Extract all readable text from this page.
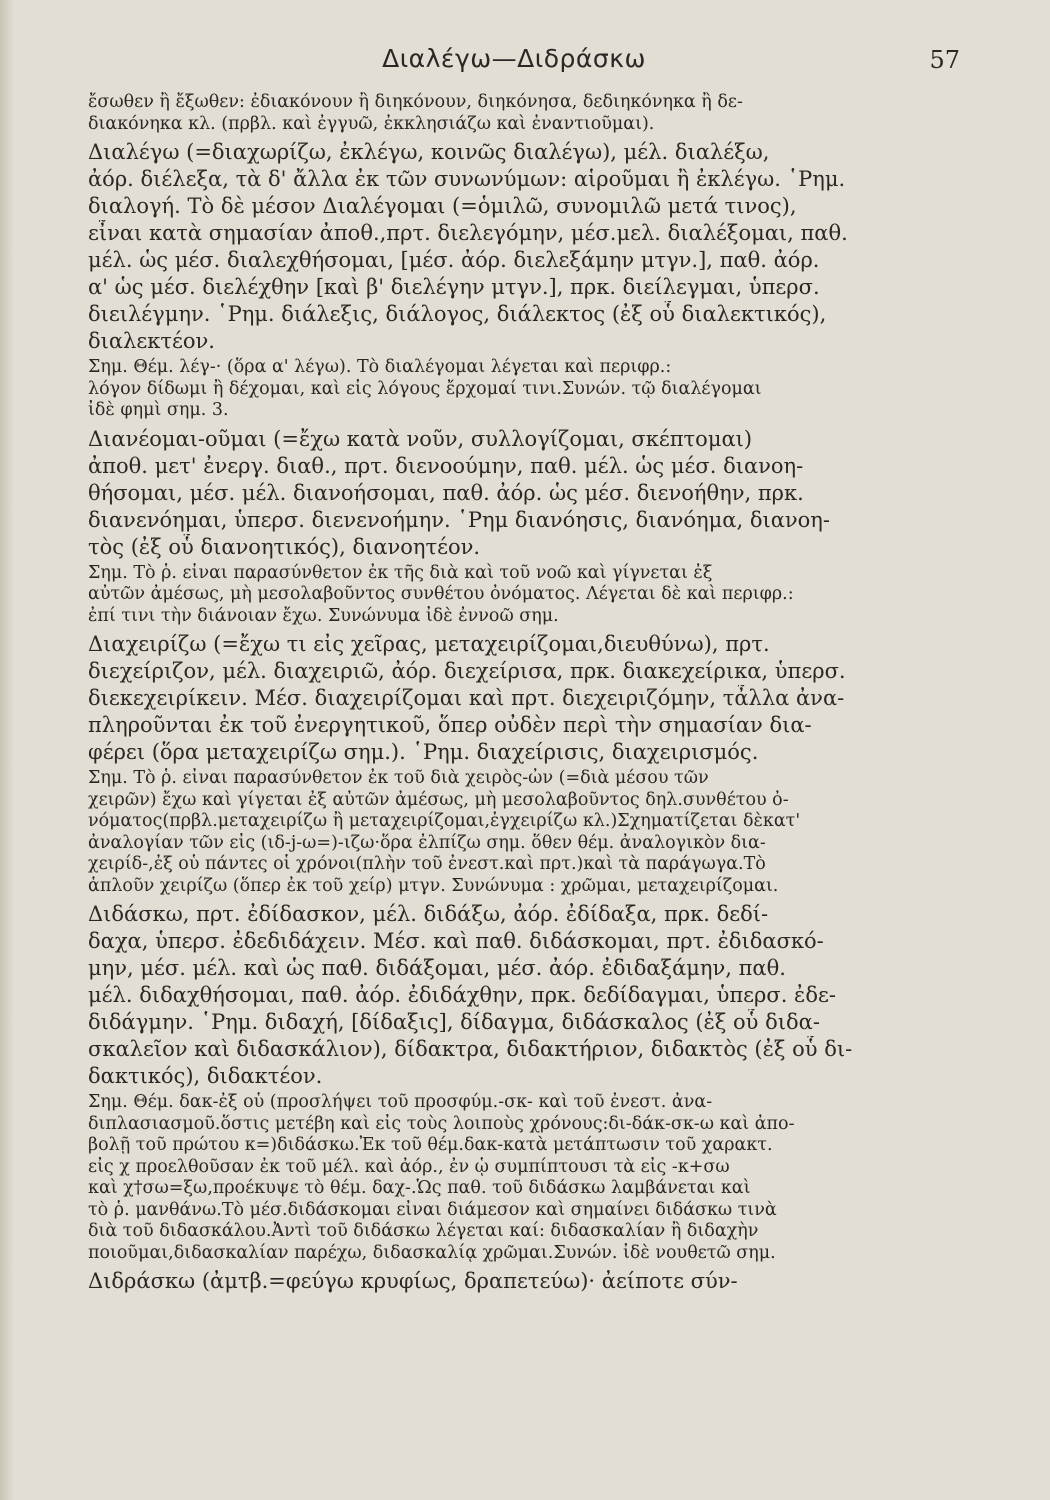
Διαλέγω—Διδράσκω	57
ἔσωθεν ἢ ἔξωθεν: ἐδιακόνουν ἢ διηκόνουν, διηκόνησα, δεδιηκόνηκα ἢ δε-
διακόνηκα κλ. (πρβλ. καὶ ἐγγυῶ, ἐκκλησιάζω καὶ ἐναντιοῦμαι).
Διαλέγω (=διαχωρίζω, ἐκλέγω, κοινῶς διαλέγω), μέλ. διαλέξω,
ἀόρ. διέλεξα, τὰ δ' ἄλλα ἐκ τῶν συνωνύμων: αἱροῦμαι ἢ ἐκλέγω. ῾Ρημ.
διαλογή. Τὸ δὲ μέσον Διαλέγομαι (=ὁμιλῶ, συνομιλῶ μετά τινος),
εἶναι κατὰ σημασίαν ἀποθ.,πρτ. διελεγόμην, μέσ.μελ. διαλέξομαι, παθ.
μέλ. ὡς μέσ. διαλεχθήσομαι, [μέσ. ἀόρ. διελεξάμην μτγν.], παθ. ἀόρ.
α' ὡς μέσ. διελέχθην [καὶ β' διελέγην μτγν.], πρκ. διείλεγμαι, ὑπερσ.
διειλέγμην. ῾Ρημ. διάλεξις, διάλογος, διάλεκτος (ἐξ οὗ διαλεκτικός),
διαλεκτέον.
Σημ. Θέμ. λέγ-· (ὅρα α' λέγω). Τὸ διαλέγομαι λέγεται καὶ περιφρ.:
λόγον δίδωμι ἢ δέχομαι, καὶ εἰς λόγους ἔρχομαί τινι.Συνών. τῷ διαλέγομαι
ἰδὲ φημὶ σημ. 3.
Διανέομαι-οῦμαι (=ἔχω κατὰ νοῦν, συλλογίζομαι, σκέπτομαι)
ἀποθ. μετ' ἐνεργ. διαθ., πρτ. διενοούμην, παθ. μέλ. ὡς μέσ. διανοη-
θήσομαι, μέσ. μέλ. διανοήσομαι, παθ. ἀόρ. ὡς μέσ. διενοήθην, πρκ.
διανενόημαι, ὑπερσ. διενενοήμην. ῾Ρημ διανόησις, διανόημα, διανοη-
τὸς (ἐξ οὗ διανοητικός), διανοητέον.
Σημ. Τὸ ῥ. εἶναι παρασύνθετον ἐκ τῆς διὰ καὶ τοῦ νοῶ καὶ γίγνεται ἐξ
αὐτῶν ἀμέσως, μὴ μεσολαβοῦντος συνθέτου ὀνόματος. Λέγεται δὲ καὶ περιφρ.:
ἐπί τινι τὴν διάνοιαν ἔχω. Συνώνυμα ἰδὲ ἐννοῶ σημ.
Διαχειρίζω (=ἔχω τι εἰς χεῖρας, μεταχειρίζομαι,διευθύνω), πρτ.
διεχείριζον, μέλ. διαχειριῶ, ἀόρ. διεχείρισα, πρκ. διακεχείρικα, ὑπερσ.
διεκεχειρίκειν. Μέσ. διαχειρίζομαι καὶ πρτ. διεχειριζόμην, τἆλλα ἀνα-
πληροῦνται ἐκ τοῦ ἐνεργητικοῦ, ὅπερ οὐδὲν περὶ τὴν σημασίαν δια-
φέρει (ὅρα μεταχειρίζω σημ.). ῾Ρημ. διαχείρισις, διαχειρισμός.
Σημ. Τὸ ῥ. εἶναι παρασύνθετον ἐκ τοῦ διὰ χειρὸς-ὦν (=διὰ μέσου τῶν
χειρῶν) ἔχω καὶ γίγεται ἐξ αὐτῶν ἀμέσως, μὴ μεσολαβοῦντος δηλ.συνθέτου ὀ-
νόματος(πρβλ.μεταχειρίζω ἢ μεταχειρίζομαι,ἐγχειρίζω κλ.)Σχηματίζεται δὲκατ'
ἀναλογίαν τῶν εἰς (ιδ-j-ω=)-ιζω·ὅρα ἐλπίζω σημ. ὅθεν θέμ. ἀναλογικὸν δια-
χειρίδ-,ἐξ οὗ πάντες οἱ χρόνοι(πλὴν τοῦ ἐνεστ.καὶ πρτ.)καὶ τὰ παράγωγα.Τὸ
ἁπλοῦν χειρίζω (ὅπερ ἐκ τοῦ χείρ) μτγν. Συνώνυμα : χρῶμαι, μεταχειρίζομαι.
Διδάσκω, πρτ. ἐδίδασκον, μέλ. διδάξω, ἀόρ. ἐδίδαξα, πρκ. δεδί-
δαχα, ὑπερσ. ἐδεδιδάχειν. Μέσ. καὶ παθ. διδάσκομαι, πρτ. ἐδιδασκό-
μην, μέσ. μέλ. καὶ ὡς παθ. διδάξομαι, μέσ. ἀόρ. ἐδιδαξάμην, παθ.
μέλ. διδαχθήσομαι, παθ. ἀόρ. ἐδιδάχθην, πρκ. δεδίδαγμαι, ὑπερσ. ἐδε-
διδάγμην. ῾Ρημ. διδαχή, [δίδαξις], δίδαγμα, διδάσκαλος (ἐξ οὗ διδα-
σκαλεῖον καὶ διδασκάλιον), δίδακτρα, διδακτήριον, διδακτὸς (ἐξ οὗ δι-
δακτικός), διδακτέον.
Σημ. Θέμ. δακ-ἐξ οὗ (προσλήψει τοῦ προσφύμ.-σκ- καὶ τοῦ ἐνεστ. ἀνα-
διπλασιασμοῦ.ὅστις μετέβη καὶ εἰς τοὺς λοιποὺς χρόνους:δι-δάκ-σκ-ω καὶ ἀπο-
βολῇ τοῦ πρώτου κ=)διδάσκω.Ἐκ τοῦ θέμ.δακ-κατὰ μετάπτωσιν τοῦ χαρακτ.
εἰς χ προελθοῦσαν ἐκ τοῦ μέλ. καὶ ἀόρ., ἐν ᾧ συμπίπτουσι τὰ εἰς -κ+σω
καὶ χ†σω=ξω,προέκυψε τὸ θέμ. δαχ-.Ὡς παθ. τοῦ διδάσκω λαμβάνεται καὶ
τὸ ῥ. μανθάνω.Τὸ μέσ.διδάσκομαι εἶναι διάμεσον καὶ σημαίνει διδάσκω τινὰ
διὰ τοῦ διδασκάλου.Ἀντὶ τοῦ διδάσκω λέγεται καί: διδασκαλίαν ἢ διδαχὴν
ποιοῦμαι,διδασκαλίαν παρέχω, διδασκαλίᾳ χρῶμαι.Συνών. ἰδὲ νουθετῶ σημ.
Διδράσκω (ἀμτβ.=φεύγω κρυφίως, δραπετεύω)· ἀείποτε σύν-
